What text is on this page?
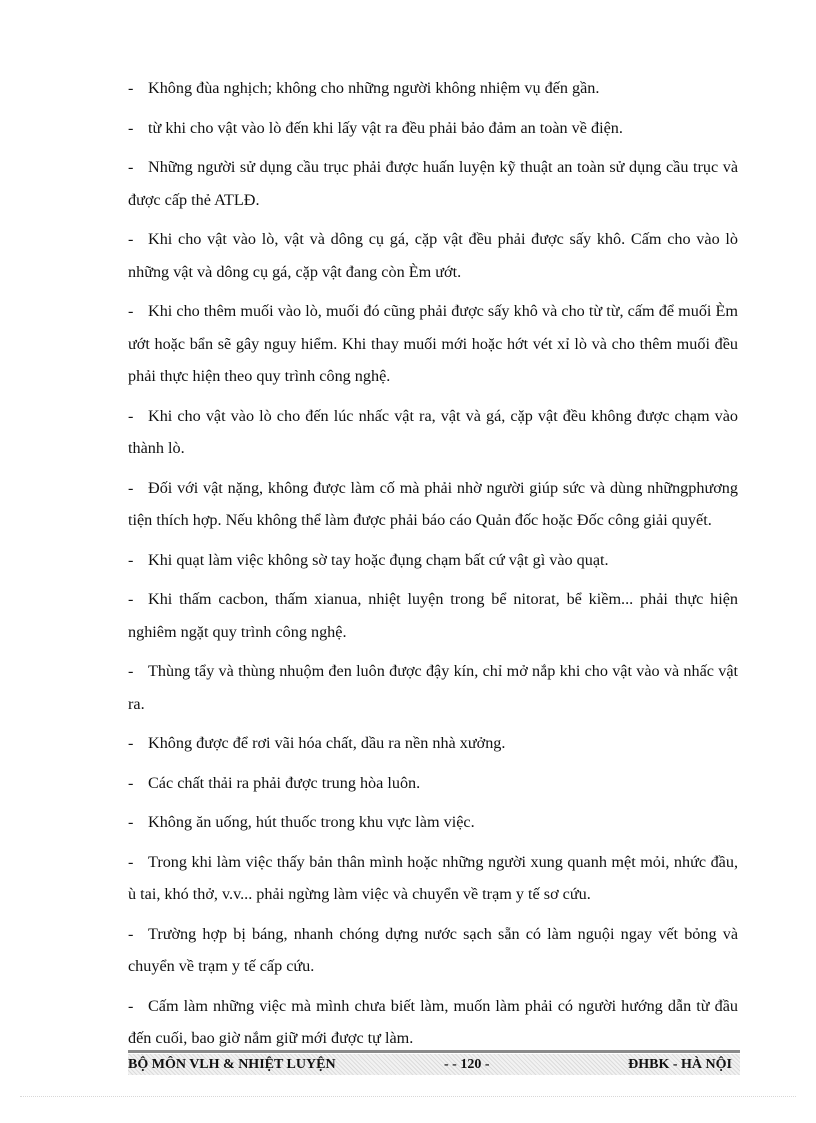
- Không đùa nghịch; không cho những người không nhiệm vụ đến gần.

- từ khi cho vật vào lò đến khi lấy vật ra đều phải bảo đảm an toàn về điện.

- Những người sử dụng cầu trục phải được huấn luyện kỹ thuật an toàn sử dụng cầu trục và được cấp thẻ ATLĐ.

- Khi cho vật vào lò, vật và dông cụ gá, cặp vật đều phải được sấy khô. Cấm cho vào lò những vật và dông cụ gá, cặp vật đang còn Èm ướt.

- Khi cho thêm muối vào lò, muối đó cũng phải được sấy khô và cho từ từ, cấm để muối Èm ướt hoặc bẩn sẽ gây nguy hiểm. Khi thay muối mới hoặc hớt vét xỉ lò và cho thêm muối đều phải thực hiện theo quy trình công nghệ.

- Khi cho vật vào lò cho đến lúc nhấc vật ra, vật và gá, cặp vật đều không được chạm vào thành lò.

- Đối với vật nặng, không được làm cố mà phải nhờ người giúp sức và dùng nhữngphương tiện thích hợp. Nếu không thể làm được phải báo cáo Quản đốc hoặc Đốc công giải quyết.

- Khi quạt làm việc không sờ tay hoặc đụng chạm bất cứ vật gì vào quạt.

- Khi thấm cacbon, thấm xianua, nhiệt luyện trong bể nitorat, bể kiềm... phải thực hiện nghiêm ngặt quy trình công nghệ.

- Thùng tẩy và thùng nhuộm đen luôn được đậy kín, chỉ mở nắp khi cho vật vào và nhấc vật ra.

- Không được để rơi vãi hóa chất, dầu ra nền nhà xưởng.

- Các chất thải ra phải được trung hòa luôn.

- Không ăn uống, hút thuốc trong khu vực làm việc.

- Trong khi làm việc thấy bản thân mình hoặc những người xung quanh mệt mỏi, nhức đầu, ù tai, khó thở, v.v... phải ngừng làm việc và chuyển về trạm y tế sơ cứu.

- Trường hợp bị báng, nhanh chóng dựng nước sạch sẵn có làm nguội ngay vết bỏng và chuyển về trạm y tế cấp cứu.

- Cấm làm những việc mà mình chưa biết làm, muốn làm phải có người hướng dẫn từ đầu đến cuối, bao giờ nắm giữ mới được tự làm.

BỘ MÔN VLH & NHIỆT LUYỆN	- - 120 -	ĐHBK - HÀ NỘI
